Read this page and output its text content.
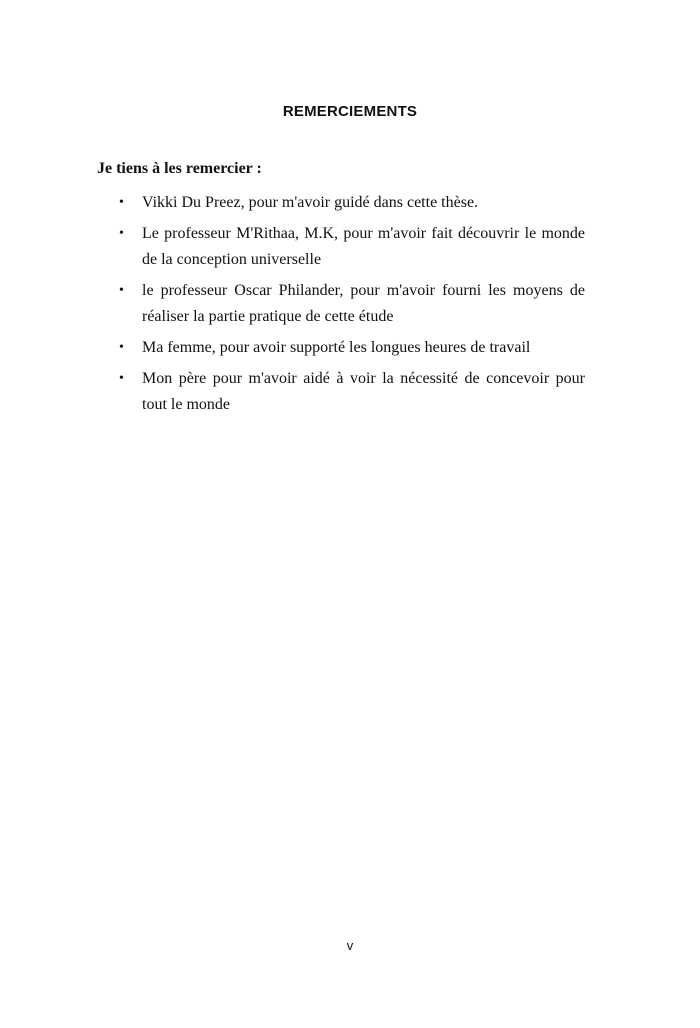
REMERCIEMENTS

Je tiens à les remercier :

• Vikki Du Preez, pour m'avoir guidé dans cette thèse.
• Le professeur M'Rithaa, M.K, pour m'avoir fait découvrir le monde de la conception universelle
• le professeur Oscar Philander, pour m'avoir fourni les moyens de réaliser la partie pratique de cette étude
• Ma femme, pour avoir supporté les longues heures de travail
• Mon père pour m'avoir aidé à voir la nécessité de concevoir pour tout le monde

v
